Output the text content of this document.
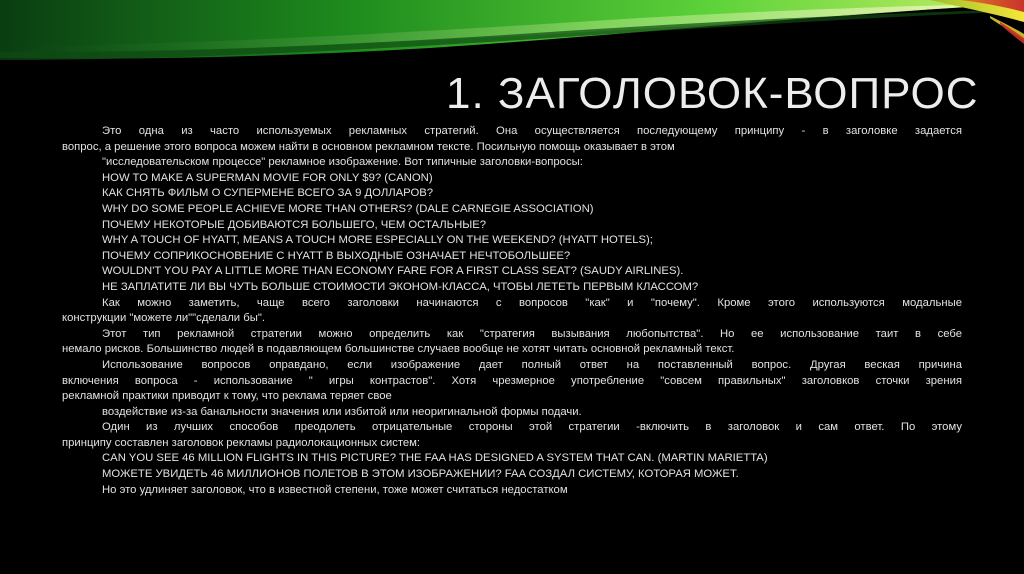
1. ЗАГОЛОВОК-ВОПРОС
Это одна из часто используемых рекламных стратегий. Она осуществляется последующему принципу - в заголовке задается
вопрос, а решение этого вопроса можем найти в основном рекламном тексте. Посильную помощь оказывает в этом
"исследовательском процессе" рекламное изображение. Вот типичные заголовки-вопросы:
HOW TO MAKE A SUPERMAN MOVIE FOR ONLY $9? (CANON)
КАК СНЯТЬ ФИЛЬМ О СУПЕРМЕНЕ ВСЕГО ЗА 9 ДОЛЛАРОВ?
WHY DO SOME PEOPLE ACHIEVE MORE THAN OTHERS? (DALE CARNEGIE ASSOCIATION)
ПОЧЕМУ НЕКОТОРЫЕ ДОБИВАЮТСЯ БОЛЬШЕГО, ЧЕМ ОСТАЛЬНЫЕ?
WHY A TOUCH OF HYATT, MEANS A TOUCH MORE ESPECIALLY ON THE WEEKEND? (HYATT HOTELS);
ПОЧЕМУ СОПРИКОСНОВЕНИЕ С HYATT В ВЫХОДНЫЕ ОЗНАЧАЕТ НЕЧТОБОЛЬШЕЕ?
WOULDN'T YOU PAY A LITTLE MORE THAN ECONOMY FARE FOR A FIRST CLASS SEAT? (SAUDY AIRLINES).
НЕ ЗАПЛАТИТЕ ЛИ ВЫ ЧУТЬ БОЛЬШЕ СТОИМОСТИ ЭКОНОМ-КЛАССА, ЧТОБЫ ЛЕТЕТЬ ПЕРВЫМ КЛАССОМ?
Как можно заметить, чаще всего заголовки начинаются с вопросов "как" и "почему". Кроме этого используются модальные
конструкции "можете ли""сделали бы".
Этот тип рекламной стратегии можно определить как "стратегия вызывания любопытства". Но ее использование таит в себе
немало рисков. Большинство людей в подавляющем большинстве случаев вообще не хотят читать основной рекламный текст.
Использование вопросов оправдано, если изображение дает полный ответ на поставленный вопрос. Другая веская причина
включения вопроса - использование " игры контрастов". Хотя чрезмерное употребление "совсем правильных" заголовков сточки зрения
рекламной практики приводит к тому, что реклама теряет свое
воздействие из-за банальности значения или избитой или неоригинальной формы подачи.
Один из лучших способов преодолеть отрицательные стороны этой стратегии -включить в заголовок и сам ответ. По этому
принципу составлен заголовок рекламы радиолокационных систем:
CAN YOU SEE 46 MILLION FLIGHTS IN THIS PICTURE? THE FAA HAS DESIGNED A SYSTEM THAT CAN. (MARTIN MARIETTA)
МОЖЕТЕ УВИДЕТЬ 46 МИЛЛИОНОВ ПОЛЕТОВ В ЭТОМ ИЗОБРАЖЕНИИ? FAA СОЗДАЛ СИСТЕМУ, КОТОРАЯ МОЖЕТ.
Но это удлиняет заголовок, что в известной степени, тоже может считаться недостатком
